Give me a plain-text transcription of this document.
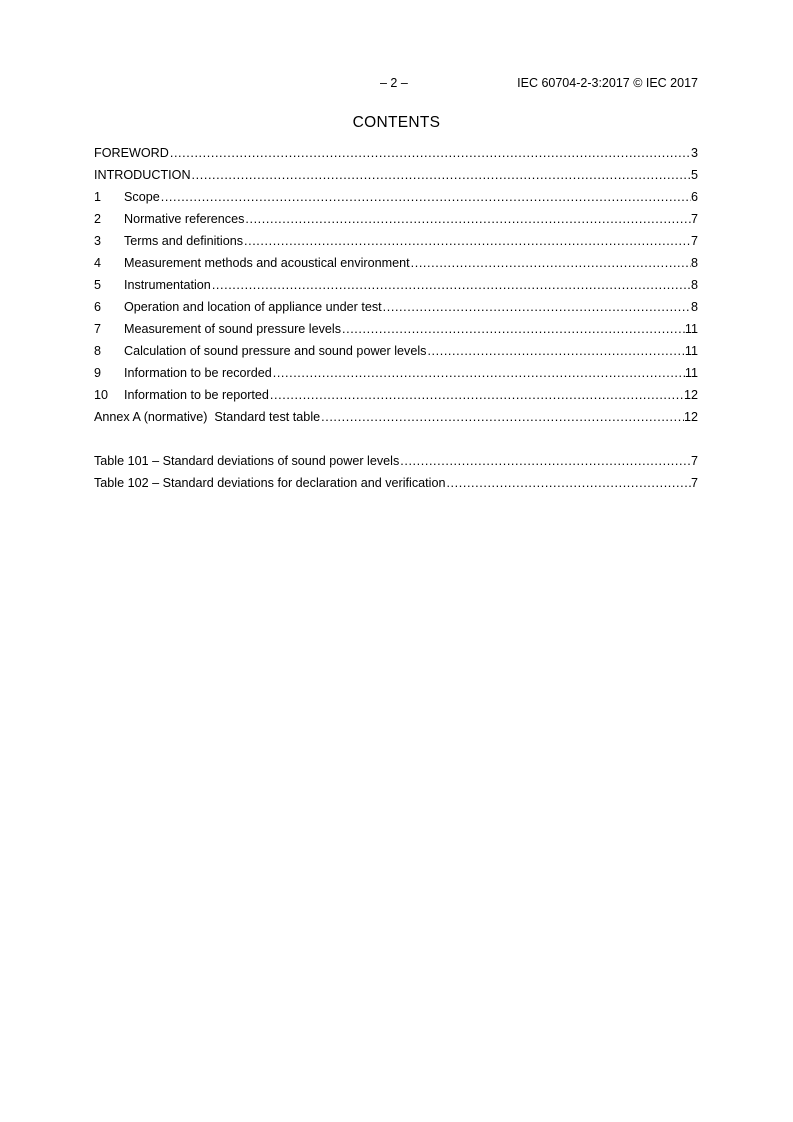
– 2 –	IEC 60704-2-3:2017 © IEC 2017
CONTENTS
FOREWORD .....	3
INTRODUCTION .....	5
1	Scope .....	6
2	Normative references .....	7
3	Terms and definitions .....	7
4	Measurement methods and acoustical environment .....	8
5	Instrumentation .....	8
6	Operation and location of appliance under test .....	8
7	Measurement of sound pressure levels .....	11
8	Calculation of sound pressure and sound power levels .....	11
9	Information to be recorded .....	11
10	Information to be reported .....	12
Annex A (normative)  Standard test table .....	12
Table 101 – Standard deviations of sound power levels .....	7
Table 102 – Standard deviations for declaration and verification .....	7
